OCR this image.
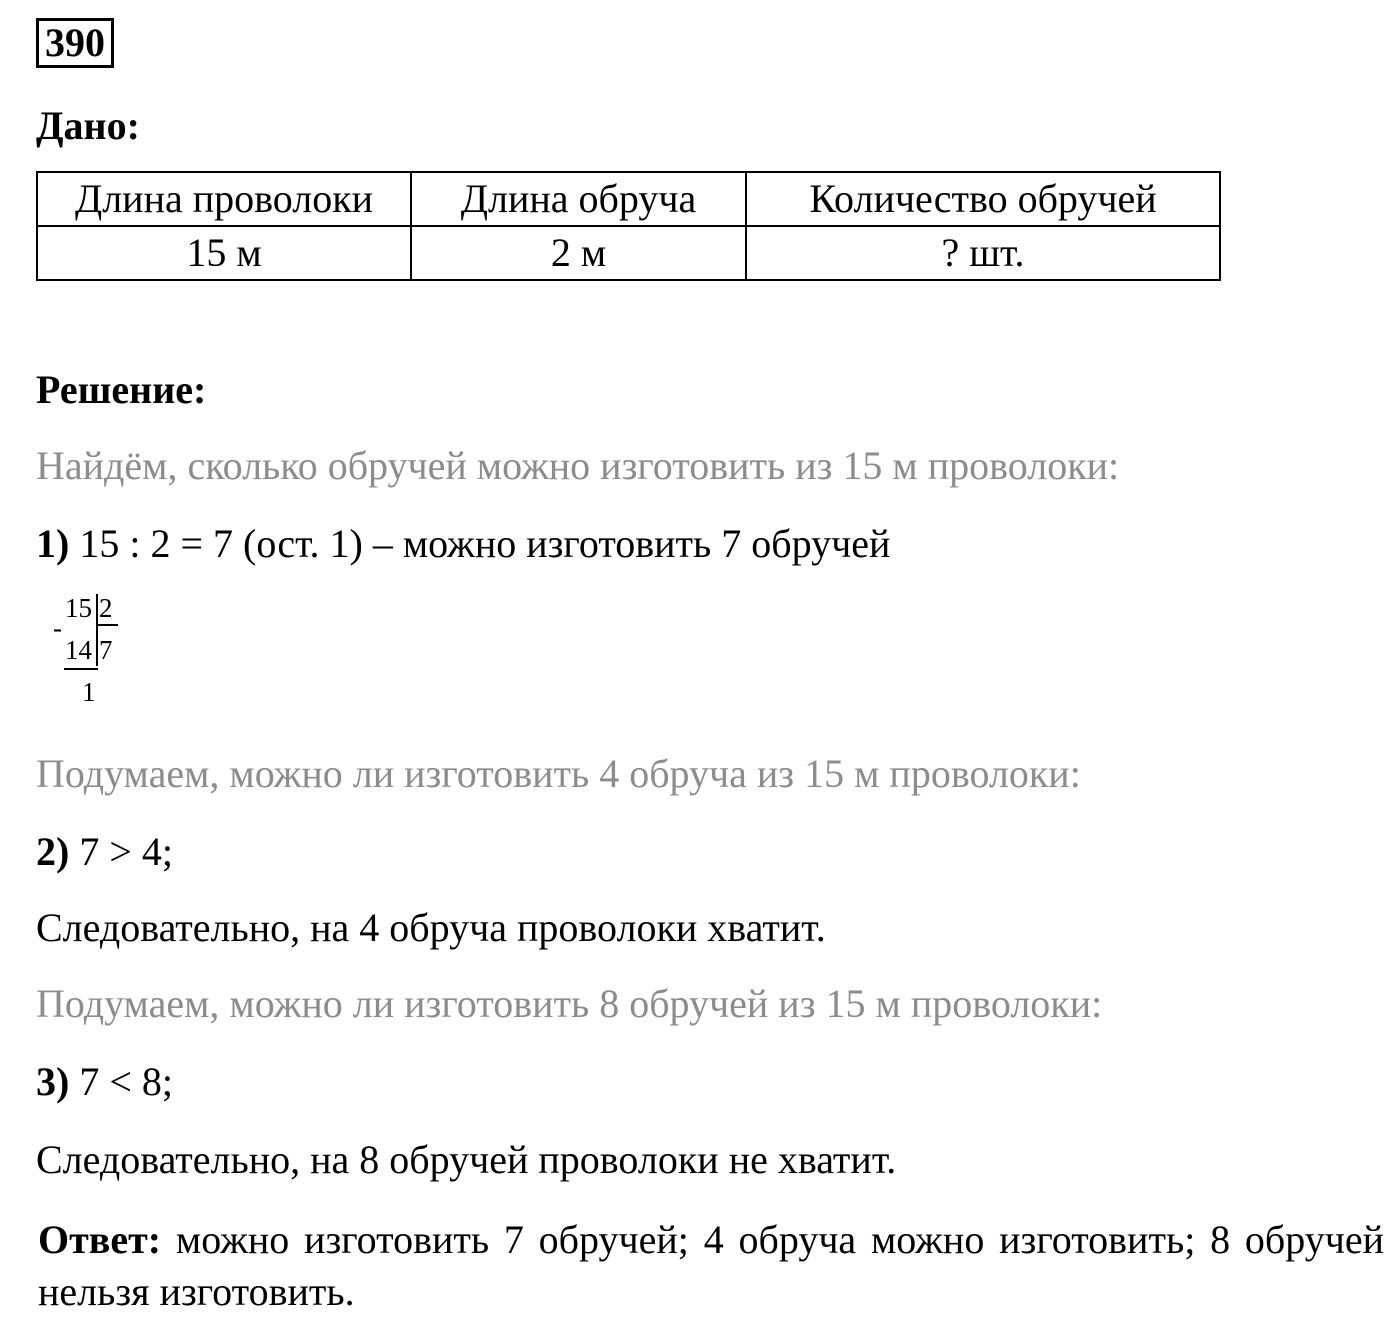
390
Дано:
Длина проволоки	Длина обруча	Количество обручей
15 м	2 м	? шт.
Решение:
Найдём, сколько обручей можно изготовить из 15 м проволоки:
1) 15 : 2 = 7 (ост. 1) – можно изготовить 7 обручей
-
15 2
14 7
1
Подумаем, можно ли изготовить 4 обруча из 15 м проволоки:
2) 7 > 4;
Следовательно, на 4 обруча проволоки хватит.
Подумаем, можно ли изготовить 8 обручей из 15 м проволоки:
3) 7 < 8;
Следовательно, на 8 обручей проволоки не хватит.
Ответ: можно изготовить 7 обручей; 4 обруча можно изготовить; 8 обручей нельзя изготовить.
